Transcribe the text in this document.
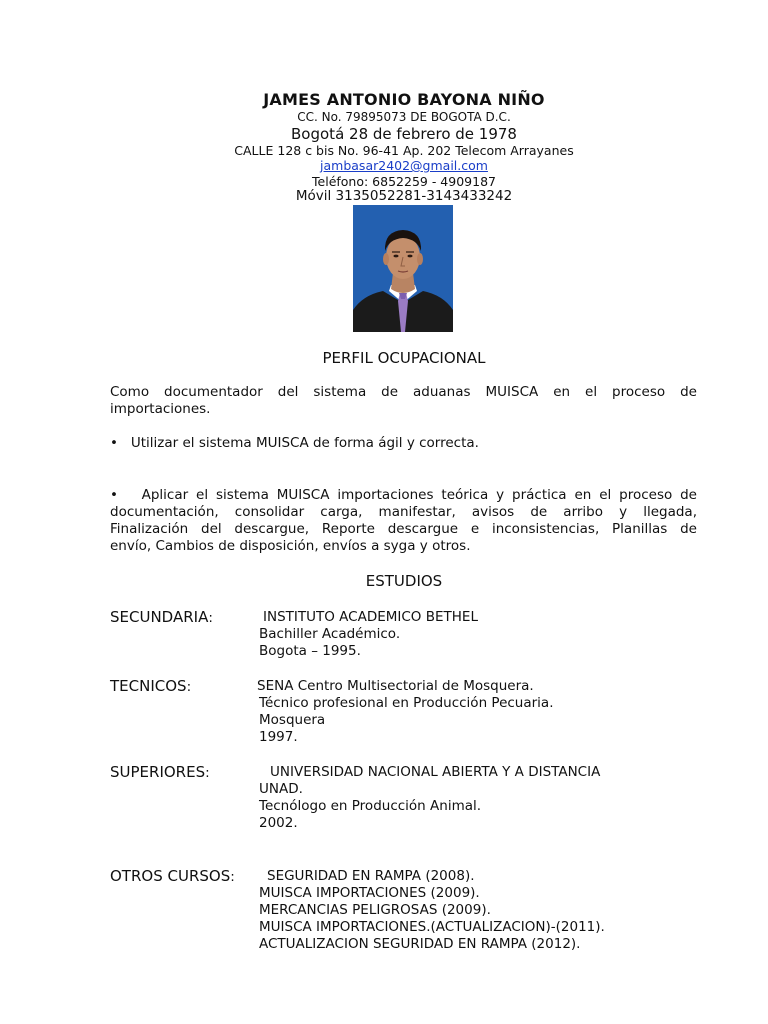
JAMES ANTONIO BAYONA NIÑO
CC. No. 79895073 DE BOGOTA D.C.
Bogotá 28 de febrero de 1978
CALLE 128 c bis No. 96-41 Ap. 202 Telecom Arrayanes
jambasar2402@gmail.com
Teléfono: 6852259 - 4909187
Móvil 3135052281-3143433242
PERFIL OCUPACIONAL
Como documentador del sistema de aduanas MUISCA en el proceso de
importaciones.
• Utilizar el sistema MUISCA de forma ágil y correcta.
• Aplicar el sistema MUISCA importaciones teórica y práctica en el proceso de
documentación, consolidar carga, manifestar, avisos de arribo y llegada,
Finalización del descargue, Reporte descargue e inconsistencias, Planillas de
envío, Cambios de disposición, envíos a syga y otros.
ESTUDIOS
SECUNDARIA:	INSTITUTO ACADEMICO BETHEL
Bachiller Académico.
Bogota – 1995.
TECNICOS:	SENA Centro Multisectorial de Mosquera.
Técnico profesional en Producción Pecuaria.
Mosquera
1997.
SUPERIORES:	UNIVERSIDAD NACIONAL ABIERTA Y A DISTANCIA
UNAD.
Tecnólogo en Producción Animal.
2002.
OTROS CURSOS: SEGURIDAD EN RAMPA (2008).
MUISCA IMPORTACIONES (2009).
MERCANCIAS PELIGROSAS (2009).
MUISCA IMPORTACIONES.(ACTUALIZACION)-(2011).
ACTUALIZACION SEGURIDAD EN RAMPA (2012).
